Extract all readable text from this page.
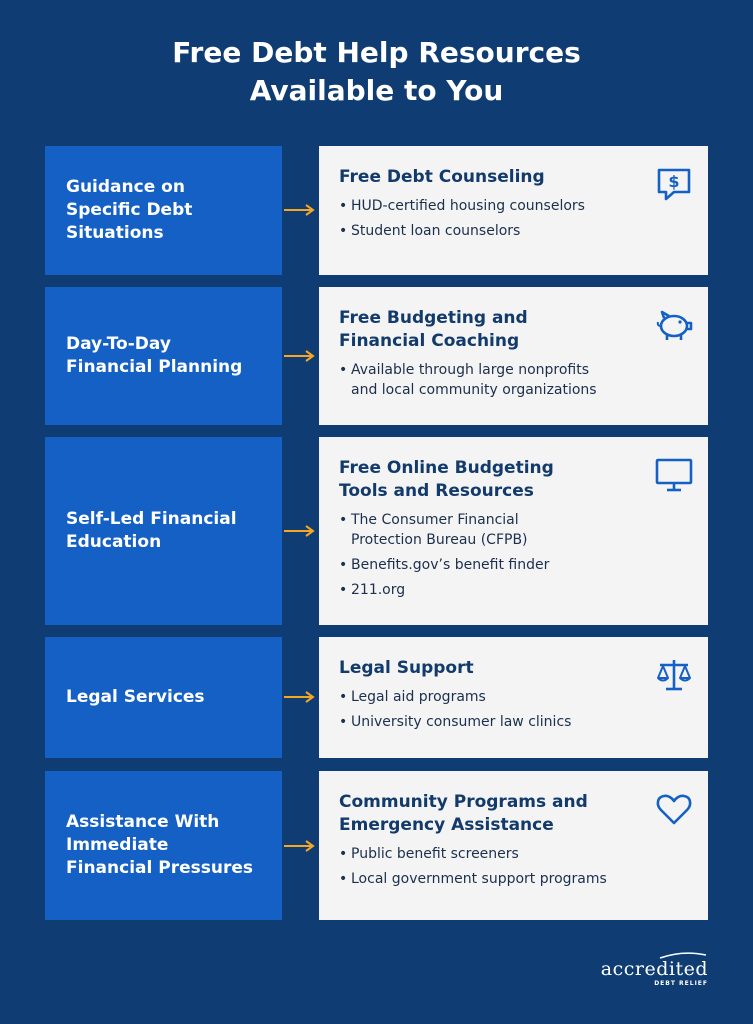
Free Debt Help Resources
Available to You

Guidance on
Specific Debt
Situations

Free Debt Counseling

• HUD-certified housing counselors
• Student loan counselors
$

Day-To-Day
Financial Planning

Free Budgeting and
Financial Coaching

• Available through large nonprofits
and local community organizations

Self-Led Financial
Education

Free Online Budgeting
Tools and Resources

• The Consumer Financial
Protection Bureau (CFPB)
• Benefits.gov’s benefit finder
• 211.org

Legal Services

Legal Support

• Legal aid programs
• University consumer law clinics

Assistance With
Immediate
Financial Pressures

Community Programs and
Emergency Assistance

• Public benefit screeners
• Local government support programs
accredited
DEBT RELIEF
